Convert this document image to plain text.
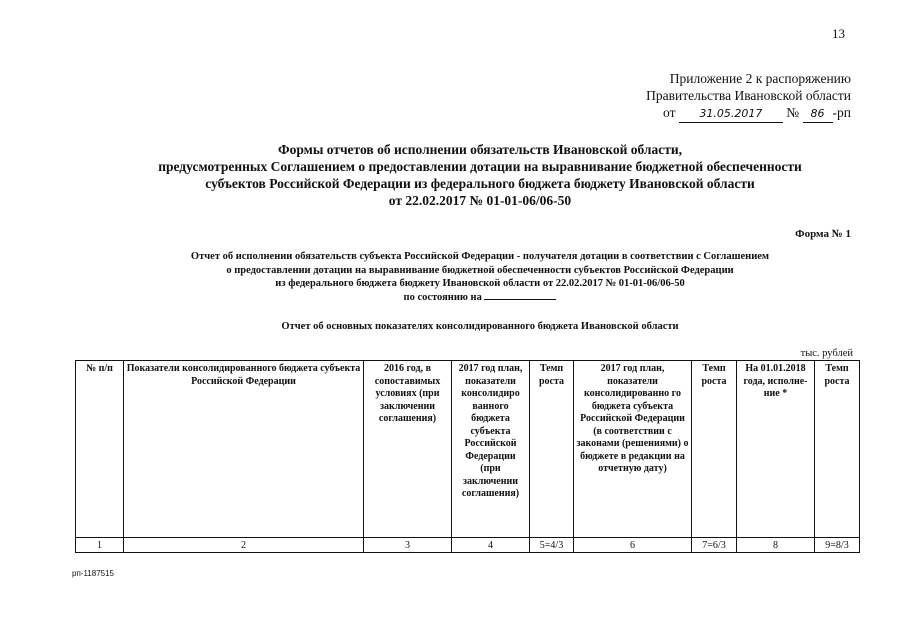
13
Приложение 2 к распоряжению
Правительства Ивановской области
от 31.05.2017 № 86 -рп
Формы отчетов об исполнении обязательств Ивановской области,
предусмотренных Соглашением о предоставлении дотации на выравнивание бюджетной обеспеченности
субъектов Российской Федерации из федерального бюджета бюджету Ивановской области
от 22.02.2017 № 01-01-06/06-50
Форма № 1
Отчет об исполнении обязательств субъекта Российской Федерации - получателя дотации в соответствии с Соглашением
о предоставлении дотации на выравнивание бюджетной обеспеченности субъектов Российской Федерации
из федерального бюджета бюджету Ивановской области от 22.02.2017 № 01-01-06/06-50
по состоянию на
Отчет об основных показателях консолидированного бюджета Ивановской области
тыс. рублей
№ п/п	Показатели консолидированного бюджета субъекта Российской Федерации	2016 год, в сопоставимых условиях (при заключении соглашения)	2017 год план, показатели консолидиро ванного бюджета субъекта Российской Федерации (при заключении соглашения)	Темп роста	2017 год план, показатели консолидированно го бюджета субъекта Российской Федерации (в соответствии с законами (решениями) о бюджете в редакции на отчетную дату)	Темп роста	На 01.01.2018 года, исполне-ние *	Темп роста
1	2	3	4	5=4/3	6	7=6/3	8	9=8/3
рп-1187515
